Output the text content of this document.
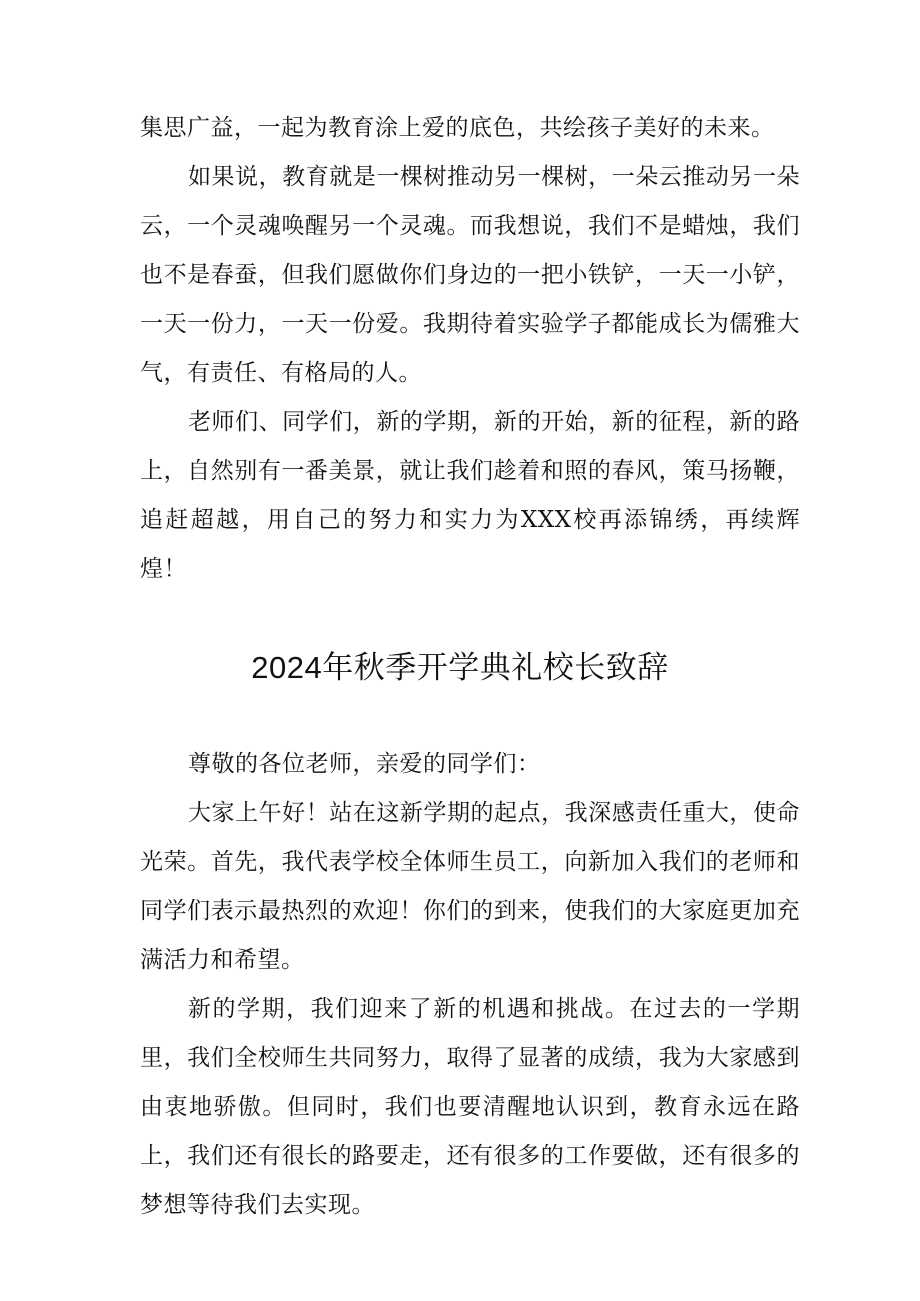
集思广益，一起为教育涂上爱的底色，共绘孩子美好的未来。

如果说，教育就是一棵树推动另一棵树，一朵云推动另一朵云，一个灵魂唤醒另一个灵魂。而我想说，我们不是蜡烛，我们也不是春蚕，但我们愿做你们身边的一把小铁铲，一天一小铲，一天一份力，一天一份爱。我期待着实验学子都能成长为儒雅大气，有责任、有格局的人。

老师们、同学们，新的学期，新的开始，新的征程，新的路上，自然别有一番美景，就让我们趁着和照的春风，策马扬鞭，追赶超越，用自己的努力和实力为XXX校再添锦绣，再续辉煌！

2024年秋季开学典礼校长致辞

尊敬的各位老师，亲爱的同学们：

大家上午好！站在这新学期的起点，我深感责任重大，使命光荣。首先，我代表学校全体师生员工，向新加入我们的老师和同学们表示最热烈的欢迎！你们的到来，使我们的大家庭更加充满活力和希望。

新的学期，我们迎来了新的机遇和挑战。在过去的一学期里，我们全校师生共同努力，取得了显著的成绩，我为大家感到由衷地骄傲。但同时，我们也要清醒地认识到，教育永远在路上，我们还有很长的路要走，还有很多的工作要做，还有很多的梦想等待我们去实现。
